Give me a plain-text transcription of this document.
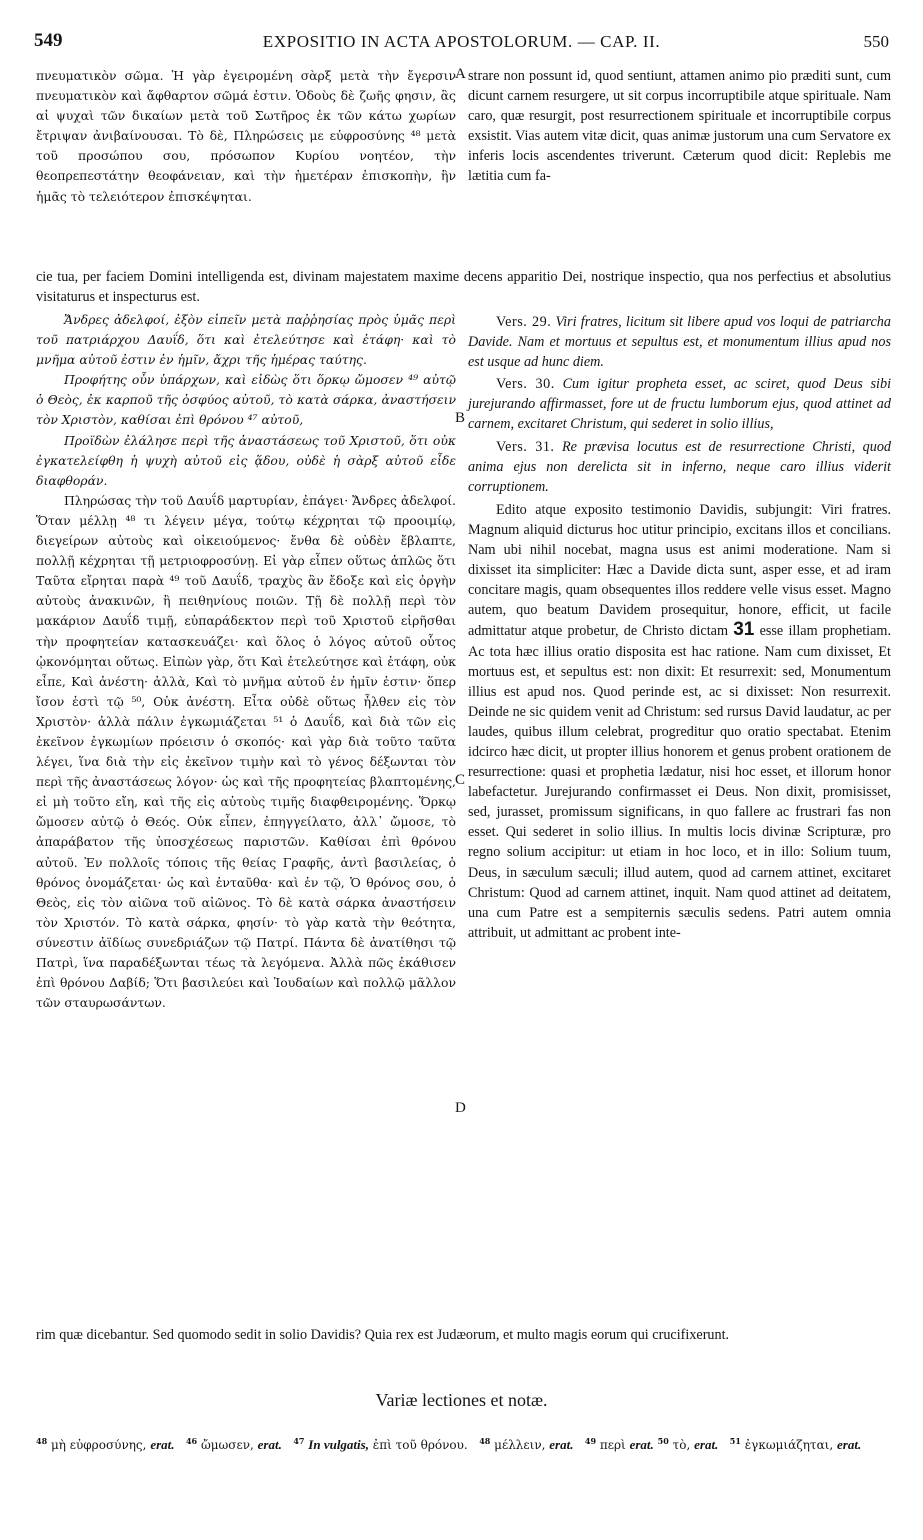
549	EXPOSITIO IN ACTA APOSTOLORUM. — CAP. II.	550
A
B
C
D

πνευματικὸν σῶμα. Ἡ γὰρ ἐγειρομένη σὰρξ μετὰ τὴν ἔγερσιν πνευματικὸν καὶ ἄφθαρτον σῶμά ἐστιν. Ὁδοὺς δὲ ζωῆς φησιν, ἃς αἱ ψυχαὶ τῶν δικαίων μετὰ τοῦ Σωτῆρος ἐκ τῶν κάτω χωρίων ἔτριψαν ἀνιβαίνουσαι. Τὸ δὲ, Πληρώσεις με εὐφροσύνης ⁴⁸ μετὰ τοῦ προσώπου σου, πρόσωπον Κυρίου νοητέον, τὴν θεοπρεπεστάτην θεοφάνειαν, καὶ τὴν ἡμετέραν ἐπισκοπὴν, ἣν ἡμᾶς τὸ τελειότερον ἐπισκέψηται.

strare non possunt id, quod sentiunt, attamen animo pio præditi sunt, cum dicunt carnem resurgere, ut sit corpus incorruptibile atque spirituale. Nam caro, quæ resurgit, post resurrectionem spirituale et incorruptibile corpus exsistit. Vias autem vitæ dicit, quas animæ justorum una cum Servatore ex inferis locis ascendentes triverunt. Cæterum quod dicit: Replebis me lætitia cum fa-

cie tua, per faciem Domini intelligenda est, divinam majestatem maxime decens apparitio Dei, nostrique inspectio, qua nos perfectius et absolutius visitaturus et inspecturus est.

Ἄνδρες ἀδελφοί, ἐξὸν εἰπεῖν μετὰ παῤῥησίας πρὸς ὑμᾶς περὶ τοῦ πατριάρχου Δαυΐδ, ὅτι καὶ ἐτελεύτησε καὶ ἐτάφη· καὶ τὸ μνῆμα αὐτοῦ ἐστιν ἐν ἡμῖν, ἄχρι τῆς ἡμέρας ταύτης.

Προφήτης οὖν ὑπάρχων, καὶ εἰδὼς ὅτι ὅρκῳ ὤμοσεν ⁴⁹ αὐτῷ ὁ Θεὸς, ἐκ καρποῦ τῆς ὀσφύος αὐτοῦ, τὸ κατὰ σάρκα, ἀναστήσειν τὸν Χριστὸν, καθίσαι ἐπὶ θρόνου ⁴⁷ αὐτοῦ,

Προϊδὼν ἐλάλησε περὶ τῆς ἀναστάσεως τοῦ Χριστοῦ, ὅτι οὐκ ἐγκατελείφθη ἡ ψυχὴ αὐτοῦ εἰς ᾅδου, οὐδὲ ἡ σὰρξ αὐτοῦ εἶδε διαφθοράν.

Πληρώσας τὴν τοῦ Δαυΐδ μαρτυρίαν, ἐπάγει· Ἄνδρες ἀδελφοί. Ὅταν μέλλῃ ⁴⁸ τι λέγειν μέγα, τούτῳ κέχρηται τῷ προοιμίῳ, διεγείρων αὐτοὺς καὶ οἰκειούμενος· ἔνθα δὲ οὐδὲν ἔβλαπτε, πολλῇ κέχρηται τῇ μετριοφροσύνῃ. Εἰ γὰρ εἶπεν οὕτως ἁπλῶς ὅτι Ταῦτα εἴρηται παρὰ ⁴⁹ τοῦ Δαυΐδ, τραχὺς ἂν ἔδοξε καὶ εἰς ὀργὴν αὐτοὺς ἀνακινῶν, ἢ πειθηνίους ποιῶν. Τῇ δὲ πολλῇ περὶ τὸν μακάριον Δαυΐδ τιμῇ, εὐπαράδεκτον περὶ τοῦ Χριστοῦ εἰρῆσθαι τὴν προφητείαν κατασκευάζει· καὶ ὅλος ὁ λόγος αὐτοῦ οὗτος ᾠκονόμηται οὕτως. Εἰπὼν γὰρ, ὅτι Καὶ ἐτελεύτησε καὶ ἐτάφη, οὐκ εἶπε, Καὶ ἀνέστη· ἀλλὰ, Καὶ τὸ μνῆμα αὐτοῦ ἐν ἡμῖν ἐστιν· ὅπερ ἴσον ἐστὶ τῷ ⁵⁰, Οὐκ ἀνέστη. Εἶτα οὐδὲ οὕτως ἦλθεν εἰς τὸν Χριστὸν· ἀλλὰ πάλιν ἐγκωμιάζεται ⁵¹ ὁ Δαυΐδ, καὶ διὰ τῶν εἰς ἐκεῖνον ἐγκωμίων πρόεισιν ὁ σκοπός· καὶ γὰρ διὰ τοῦτο ταῦτα λέγει, ἵνα διὰ τὴν εἰς ἐκεῖνον τιμὴν καὶ τὸ γένος δέξωνται τὸν περὶ τῆς ἀναστάσεως λόγον· ὡς καὶ τῆς προφητείας βλαπτομένης, εἰ μὴ τοῦτο εἴη, καὶ τῆς εἰς αὐτοὺς τιμῆς διαφθειρομένης. Ὅρκῳ ὤμοσεν αὐτῷ ὁ Θεός. Οὐκ εἶπεν, ἐπηγγείλατο, ἀλλ᾽ ὤμοσε, τὸ ἀπαράβατον τῆς ὑποσχέσεως παριστῶν. Καθίσαι ἐπὶ θρόνου αὐτοῦ. Ἐν πολλοῖς τόποις τῆς θείας Γραφῆς, ἀντὶ βασιλείας, ὁ θρόνος ὀνομάζεται· ὡς καὶ ἐνταῦθα· καὶ ἐν τῷ, Ὁ θρόνος σου, ὁ Θεὸς, εἰς τὸν αἰῶνα τοῦ αἰῶνος. Τὸ δὲ κατὰ σάρκα ἀναστήσειν τὸν Χριστόν. Τὸ κατὰ σάρκα, φησίν· τὸ γὰρ κατὰ τὴν θεότητα, σύνεστιν ἀϊδίως συνεδριάζων τῷ Πατρί. Πάντα δὲ ἀνατίθησι τῷ Πατρὶ, ἵνα παραδέξωνται τέως τὰ λεγόμενα. Ἀλλὰ πῶς ἐκάθισεν ἐπὶ θρόνου Δαβίδ; Ὅτι βασιλεύει καὶ Ἰουδαίων καὶ πολλῷ μᾶλλον τῶν σταυρωσάντων.

Vers. 29. Viri fratres, licitum sit libere apud vos loqui de patriarcha Davide. Nam et mortuus et sepultus est, et monumentum illius apud nos est usque ad hunc diem.

Vers. 30. Cum igitur propheta esset, ac sciret, quod Deus sibi jurejurando affirmasset, fore ut de fructu lumborum ejus, quod attinet ad carnem, excitaret Christum, qui sederet in solio illius,

Vers. 31. Re prævisa locutus est de resurrectione Christi, quod anima ejus non derelicta sit in inferno, neque caro illius viderit corruptionem.

Edito atque exposito testimonio Davidis, subjungit: Viri fratres. Magnum aliquid dicturus hoc utitur principio, excitans illos et concilians. Nam ubi nihil nocebat, magna usus est animi moderatione. Nam si dixisset ita simpliciter: Hæc a Davide dicta sunt, asper esse, et ad iram concitare magis, quam obsequentes illos reddere velle visus esset. Magno autem, quo beatum Davidem prosequitur, honore, efficit, ut facile admittatur atque probetur, de Christo dictam 31 esse illam prophetiam. Ac tota hæc illius oratio disposita est hac ratione. Nam cum dixisset, Et mortuus est, et sepultus est: non dixit: Et resurrexit: sed, Monumentum illius est apud nos. Quod perinde est, ac si dixisset: Non resurrexit. Deinde ne sic quidem venit ad Christum: sed rursus David laudatur, ac per laudes, quibus illum celebrat, progreditur quo oratio spectabat. Etenim idcirco hæc dicit, ut propter illius honorem et genus probent orationem de resurrectione: quasi et prophetia lædatur, nisi hoc esset, et illorum honor labefactetur. Jurejurando confirmasset ei Deus. Non dixit, promisisset, sed, jurasset, promissum significans, in quo fallere ac frustrari fas non esset. Qui sederet in solio illius. In multis locis divinæ Scripturæ, pro regno solium accipitur: ut etiam in hoc loco, et in illo: Solium tuum, Deus, in sæculum sæculi; illud autem, quod ad carnem attinet, excitaret Christum: Quod ad carnem attinet, inquit. Nam quod attinet ad deitatem, una cum Patre est a sempiternis sæculis sedens. Patri autem omnia attribuit, ut admittant ac probent inte-

rim quæ dicebantur. Sed quomodo sedit in solio Davidis? Quia rex est Judæorum, et multo magis eorum qui crucifixerunt.
Variæ lectiones et notæ.
$^{48}$ μὴ εὐφροσύνης, erat. $^{46}$ ὤμωσεν, erat. $^{47}$ In vulgatis, ἐπὶ τοῦ θρόνου. $^{48}$ μέλλειν, erat. $^{49}$ περὶ erat. $^{50}$ τὸ, erat. $^{51}$ ἐγκωμιάζηται, erat.
